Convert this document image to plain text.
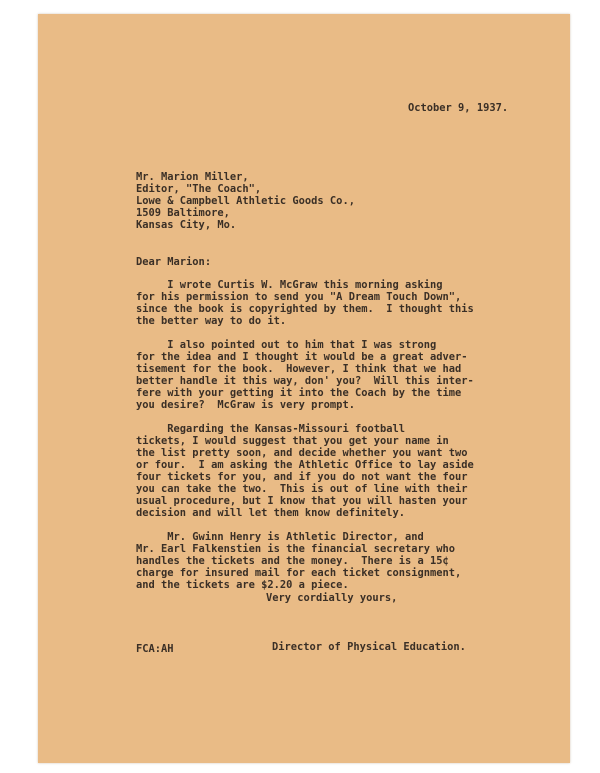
October 9, 1937.
Mr. Marion Miller,
Editor, "The Coach",
Lowe & Campbell Athletic Goods Co.,
1509 Baltimore,
Kansas City, Mo.
Dear Marion:
I wrote Curtis W. McGraw this morning asking
for his permission to send you "A Dream Touch Down",
since the book is copyrighted by them.  I thought this
the better way to do it.
I also pointed out to him that I was strong
for the idea and I thought it would be a great adver-
tisement for the book.  However, I think that we had
better handle it this way, don' you?  Will this inter-
fere with your getting it into the Coach by the time
you desire?  McGraw is very prompt.
Regarding the Kansas-Missouri football
tickets, I would suggest that you get your name in
the list pretty soon, and decide whether you want two
or four.  I am asking the Athletic Office to lay aside
four tickets for you, and if you do not want the four
you can take the two.  This is out of line with their
usual procedure, but I know that you will hasten your
decision and will let them know definitely.
Mr. Gwinn Henry is Athletic Director, and
Mr. Earl Falkenstien is the financial secretary who
handles the tickets and the money.  There is a 15¢
charge for insured mail for each ticket consignment,
and the tickets are $2.20 a piece.
Very cordially yours,
FCA:AH	Director of Physical Education.
